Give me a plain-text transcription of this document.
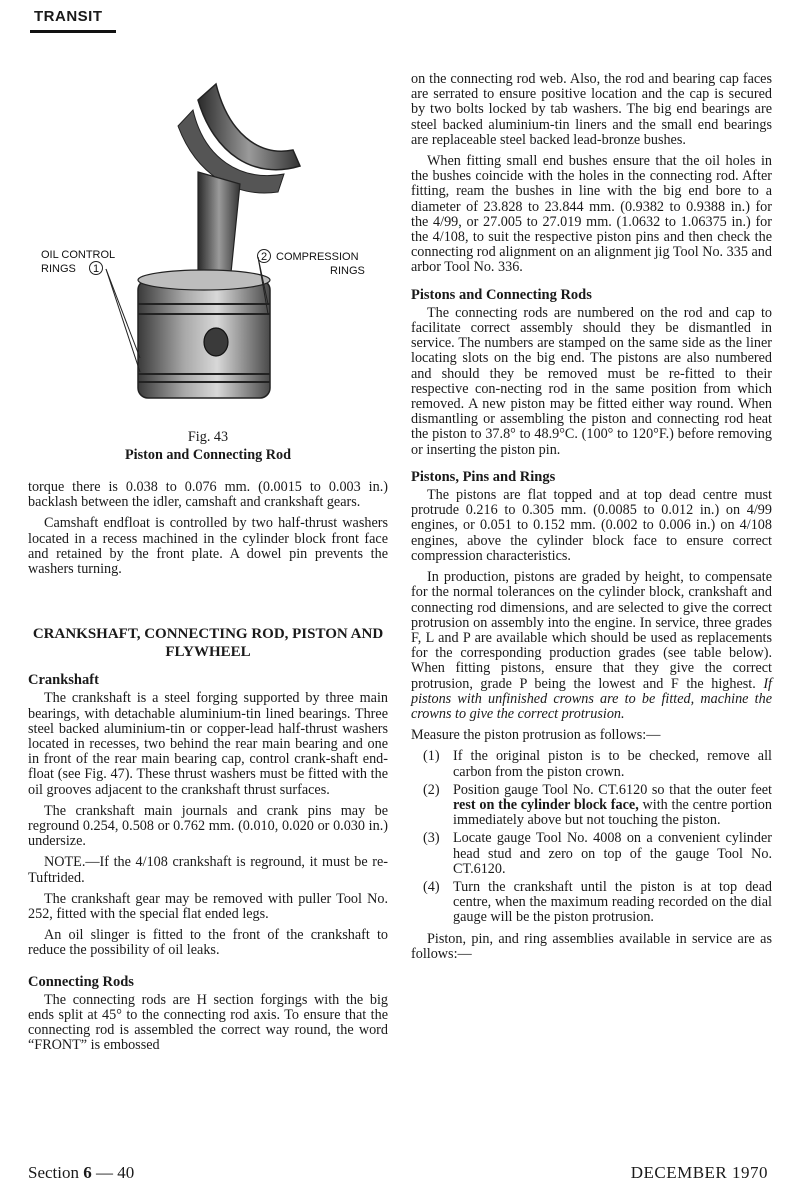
TRANSIT
OIL CONTROL
RINGS 1
2 COMPRESSION
RINGS
Fig. 43
Piston and Connecting Rod

torque there is 0.038 to 0.076 mm. (0.0015 to 0.003 in.) backlash between the idler, camshaft and crankshaft gears.

Camshaft endfloat is controlled by two half-thrust washers located in a recess machined in the cylinder block front face and retained by the front plate. A dowel pin prevents the washers turning.

CRANKSHAFT, CONNECTING ROD, PISTON AND FLYWHEEL
Crankshaft

The crankshaft is a steel forging supported by three main bearings, with detachable aluminium-tin lined bearings. Three steel backed aluminium-tin or copper-lead half-thrust washers located in recesses, two behind the rear main bearing and one in front of the rear main bearing cap, control crank-shaft end-float (see Fig. 47). These thrust washers must be fitted with the oil grooves adjacent to the crankshaft thrust surfaces.

The crankshaft main journals and crank pins may be reground 0.254, 0.508 or 0.762 mm. (0.010, 0.020 or 0.030 in.) undersize.

NOTE.—If the 4/108 crankshaft is reground, it must be re-Tuftrided.

The crankshaft gear may be removed with puller Tool No. 252, fitted with the special flat ended legs.

An oil slinger is fitted to the front of the crankshaft to reduce the possibility of oil leaks.

Connecting Rods

The connecting rods are H section forgings with the big ends split at 45° to the connecting rod axis. To ensure that the connecting rod is assembled the correct way round, the word “FRONT” is embossed

on the connecting rod web. Also, the rod and bearing cap faces are serrated to ensure positive location and the cap is secured by two bolts locked by tab washers. The big end bearings are steel backed aluminium-tin liners and the small end bearings are replaceable steel backed lead-bronze bushes.

When fitting small end bushes ensure that the oil holes in the bushes coincide with the holes in the connecting rod. After fitting, ream the bushes in line with the big end bore to a diameter of 23.828 to 23.844 mm. (0.9382 to 0.9388 in.) for the 4/99, or 27.005 to 27.019 mm. (1.0632 to 1.06375 in.) for the 4/108, to suit the respective piston pins and then check the connecting rod alignment on an alignment jig Tool No. 335 and arbor Tool No. 336.

Pistons and Connecting Rods

The connecting rods are numbered on the rod and cap to facilitate correct assembly should they be dismantled in service. The numbers are stamped on the same side as the liner locating slots on the big end. The pistons are also numbered and should they be removed must be re-fitted to their respective con-necting rod in the same position from which removed. A new piston may be fitted either way round. When dismantling or assembling the piston and connecting rod heat the piston to 37.8° to 48.9°C. (100° to 120°F.) before removing or inserting the piston pin.

Pistons, Pins and Rings

The pistons are flat topped and at top dead centre must protrude 0.216 to 0.305 mm. (0.0085 to 0.012 in.) on 4/99 engines, or 0.051 to 0.152 mm. (0.002 to 0.006 in.) on 4/108 engines, above the cylinder block face to ensure correct compression characteristics.

In production, pistons are graded by height, to compensate for the normal tolerances on the cylinder block, crankshaft and connecting rod dimensions, and are selected to give the correct protrusion on assembly into the engine. In service, three grades F, L and P are available which should be used as replacements for the corresponding production grades (see table below). When fitting pistons, ensure that they give the correct protrusion, grade P being the lowest and F the highest. If pistons with unfinished crowns are to be fitted, machine the crowns to give the correct protrusion.

Measure the piston protrusion as follows:—

(1) If the original piston is to be checked, remove all carbon from the piston crown.
(2) Position gauge Tool No. CT.6120 so that the outer feet rest on the cylinder block face, with the centre portion immediately above but not touching the piston.
(3) Locate gauge Tool No. 4008 on a convenient cylinder head stud and zero on top of the gauge Tool No. CT.6120.
(4) Turn the crankshaft until the piston is at top dead centre, when the maximum reading recorded on the dial gauge will be the piston protrusion.

Piston, pin, and ring assemblies available in service are as follows:—

Section 6 — 40	DECEMBER 1970
